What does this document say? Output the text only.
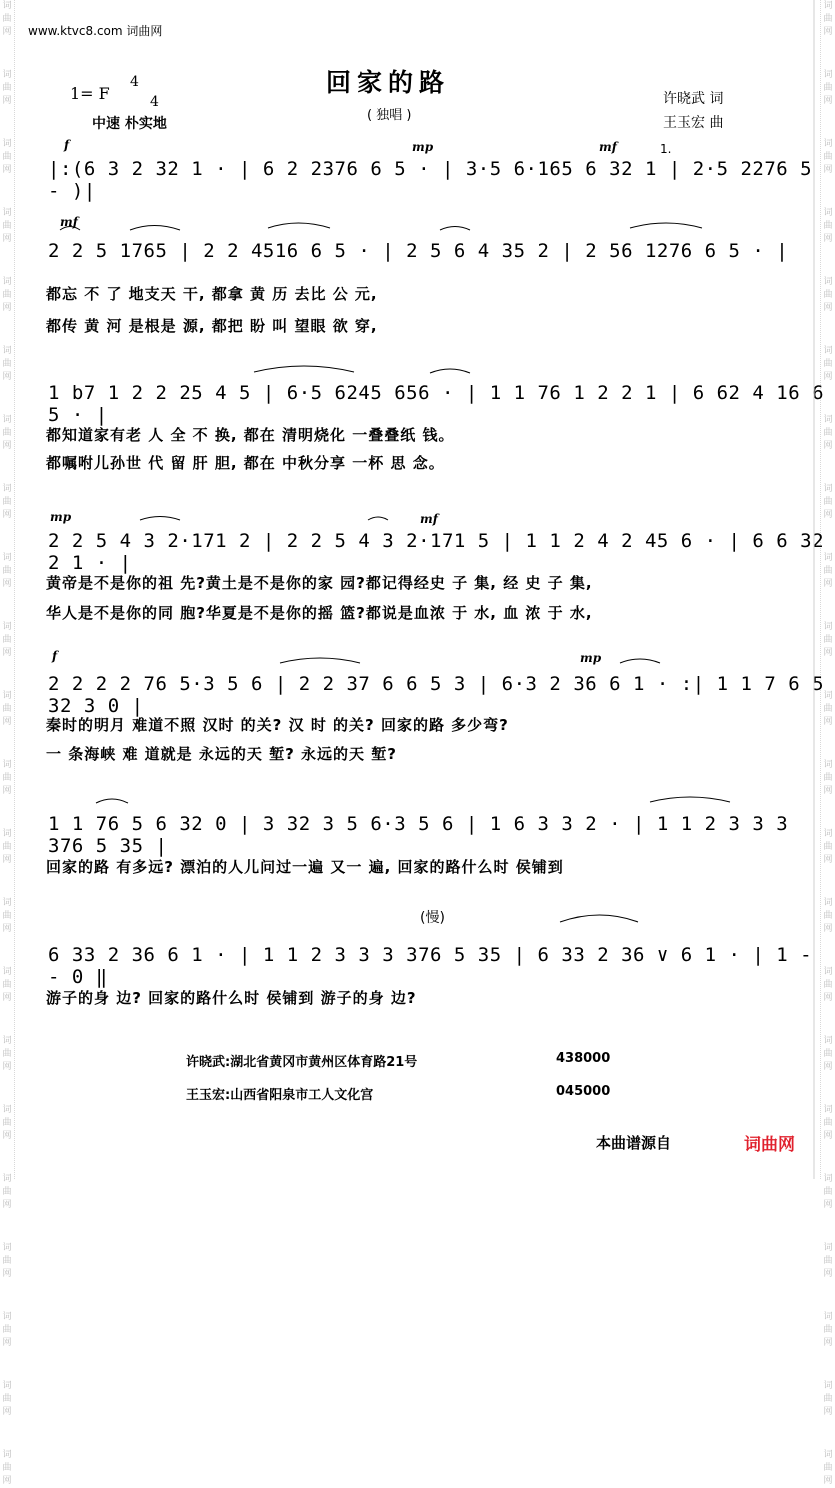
词
曲
网
词
曲
网
词
曲
网
词
曲
网
词
曲
网
词
曲
网
词
曲
网
词
曲
网
词
曲
网
词
曲
网
词
曲
网
词
曲
网
词
曲
网
词
曲
网
词
曲
网
词
曲
网
词
曲
网
词
曲
网
词
曲
网
词
曲
网
词
曲
网
词
曲
网
词
曲
网
词
曲
网
词
曲
网
词
曲
网
词
曲
网
词
曲
网
词
曲
网
词
曲
网
词
曲
网
词
曲
网
词
曲
网
词
曲
网
词
曲
网
词
曲
网
词
曲
网
词
曲
网
词
曲
网
词
曲
网
词
曲
网
词
曲
网
词
曲
网
词
曲
网
www.ktvc8.com 词曲网
1= F
4
4
中速 朴实地
回家的路
( 独唱 )
许晓武 词
王玉宏 曲
f	mp	mf
mf
mp	mf
f	mp
1.
|:(6 3 2 32 1 · | 6 2 2376 6 5 · | 3·5 6·165 6 32 1 | 2·5 2276 5 - )|
2 2 5 1765 | 2 2 4516 6 5 · | 2 5 6 4 35 2 | 2 56 1276 6 5 · |
都忘 不 了 地支天 干, 都拿 黄 历 去比 公 元,
都传 黄 河 是根是 源, 都把 盼 叫 望眼 欲 穿,
1 b7 1 2 2 25 4 5 | 6·5 6245 656 · | 1 1 76 1 2 2 1 | 6 62 4 16 6 5 · |
都知道家有老 人 全 不 换, 都在 清明烧化 一叠叠纸 钱。
都嘱咐儿孙世 代 留 肝 胆, 都在 中秋分享 一杯 思 念。
2 2 5 4 3 2·171 2 | 2 2 5 4 3 2·171 5 | 1 1 2 4 2 45 6 · | 6 6 32 2 1 · |
黄帝是不是你的祖 先?黄土是不是你的家 园?都记得经史 子 集, 经 史 子 集,
华人是不是你的同 胞?华夏是不是你的摇 篮?都说是血浓 于 水, 血 浓 于 水,
2 2 2 2 76 5·3 5 6 | 2 2 37 6 6 5 3 | 6·3 2 36 6 1 · :| 1 1 7 6 5 32 3 0 |
秦时的明月 难道不照 汉时 的关? 汉 时 的关? 回家的路 多少弯?
一 条海峡 难 道就是 永远的天 堑? 永远的天 堑?
1 1 76 5 6 32 0 | 3 32 3 5 6·3 5 6 | 1 6 3 3 2 · | 1 1 2 3 3 3 376 5 35 |
回家的路 有多远? 漂泊的人儿问过一遍 又一 遍, 回家的路什么时 侯铺到
(慢)
6 33 2 36 6 1 · | 1 1 2 3 3 3 376 5 35 | 6 33 2 36 ∨ 6 1 · | 1 - - 0 ‖
游子的身 边? 回家的路什么时 侯铺到 游子的身 边?
许晓武:湖北省黄冈市黄州区体育路21号	438000
王玉宏:山西省阳泉市工人文化宫	045000
本曲谱源自	词曲网
